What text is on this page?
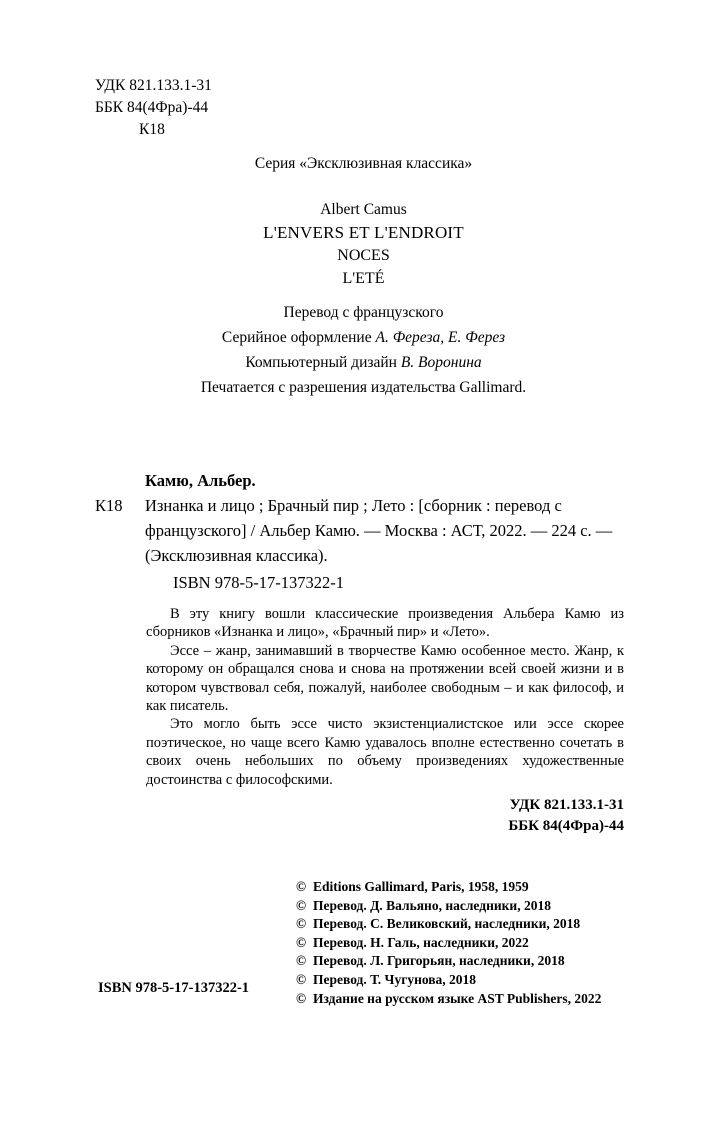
УДК 821.133.1-31
ББК 84(4Фра)-44
К18
Серия «Эксклюзивная классика»
Albert Camus
L'ENVERS ET L'ENDROIT
NOCES
L'ETÉ
Перевод с французского
Серийное оформление А. Фереза, Е. Ферез
Компьютерный дизайн В. Воронина
Печатается с разрешения издательства Gallimard.
Камю, Альбер.
К18 Изнанка и лицо ; Брачный пир ; Лето : [сборник : перевод с французского] / Альбер Камю. — Москва : АСТ, 2022. — 224 с. — (Эксклюзивная классика).
ISBN 978-5-17-137322-1

В эту книгу вошли классические произведения Альбера Камю из сборников «Изнанка и лицо», «Брачный пир» и «Лето».

Эссе – жанр, занимавший в творчестве Камю особенное место. Жанр, к которому он обращался снова и снова на протяжении всей своей жизни и в котором чувствовал себя, пожалуй, наиболее свободным – и как философ, и как писатель.

Это могло быть эссе чисто экзистенциалистское или эссе скорее поэтическое, но чаще всего Камю удавалось вполне естественно сочетать в своих очень небольших по объему произведениях художественные достоинства с философскими.

УДК 821.133.1-31
ББК 84(4Фра)-44
© Editions Gallimard, Paris, 1958, 1959
© Перевод. Д. Вальяно, наследники, 2018
© Перевод. С. Великовский, наследники, 2018
© Перевод. Н. Галь, наследники, 2022
© Перевод. Л. Григорьян, наследники, 2018
© Перевод. Т. Чугунова, 2018
© Издание на русском языке AST Publishers, 2022
ISBN 978-5-17-137322-1
